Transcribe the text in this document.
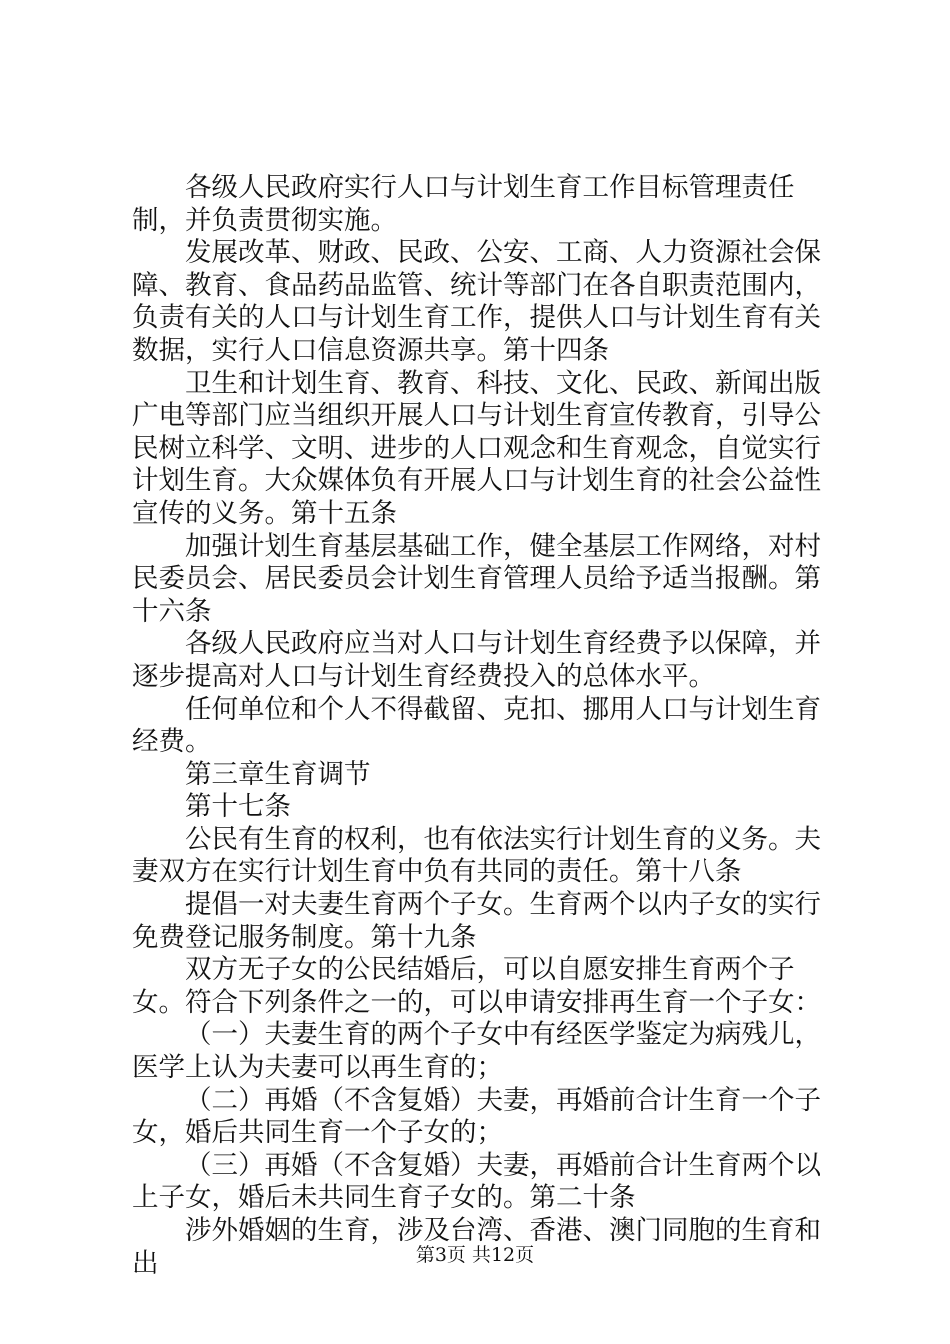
各级人民政府实行人口与计划生育工作目标管理责任制，并负责贯彻实施。

发展改革、财政、民政、公安、工商、人力资源社会保障、教育、食品药品监管、统计等部门在各自职责范围内，负责有关的人口与计划生育工作，提供人口与计划生育有关数据，实行人口信息资源共享。第十四条

卫生和计划生育、教育、科技、文化、民政、新闻出版广电等部门应当组织开展人口与计划生育宣传教育，引导公民树立科学、文明、进步的人口观念和生育观念，自觉实行计划生育。大众媒体负有开展人口与计划生育的社会公益性宣传的义务。第十五条

加强计划生育基层基础工作，健全基层工作网络，对村民委员会、居民委员会计划生育管理人员给予适当报酬。第十六条

各级人民政府应当对人口与计划生育经费予以保障，并逐步提高对人口与计划生育经费投入的总体水平。

任何单位和个人不得截留、克扣、挪用人口与计划生育经费。

第三章生育调节

第十七条

公民有生育的权利，也有依法实行计划生育的义务。夫妻双方在实行计划生育中负有共同的责任。第十八条

提倡一对夫妻生育两个子女。生育两个以内子女的实行免费登记服务制度。第十九条

双方无子女的公民结婚后，可以自愿安排生育两个子女。符合下列条件之一的，可以申请安排再生育一个子女：

（一）夫妻生育的两个子女中有经医学鉴定为病残儿，医学上认为夫妻可以再生育的；

（二）再婚（不含复婚）夫妻，再婚前合计生育一个子女，婚后共同生育一个子女的；

（三）再婚（不含复婚）夫妻，再婚前合计生育两个以上子女，婚后未共同生育子女的。第二十条

涉外婚姻的生育，涉及台湾、香港、澳门同胞的生育和出	第3页 共12页
